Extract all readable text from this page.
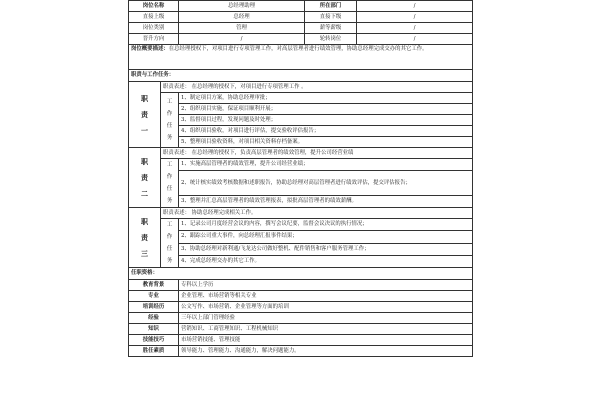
岗位名称		总经理助理	所在部门	/
直接上级		总经理	直接下级	/
岗位类别		管理	薪等薪级	/
晋升方向		/	轮转岗位	/
岗位概要描述：在总经理授权下，对项目进行专项管理工作，对高层管理者进行绩效管理，协助总经理完成交办的其它工作。				
职责与工作任务：				

职
责
一	职责表述： 在总经理的授权下，对项目进行专项管理工作 。			

	工
作
任
务	1、制定项目方案，协助总经理审批；		
		2、组织项目实施，保证项目顺利开展；		
		3、监督项目过程，发现问题及时处理；		
		4、组织项目验收，对项目进行评估，提交验收评估报告；		
		5、整理项目验收资料，对项目相关资料存档备案。		

职
责
二	职责表述： 在总经理的授权下，负责高层管理者的绩效管理，提升公司经营业绩			

	工
作
任
务	1、实施高层管理者的绩效管理，提升公司经营业绩；		
		2、统计核实绩效考核数据和述职报告，协助总经理对高层管理者进行绩效评估，提交评估报告；		
		3、整理并汇总高层管理者的绩效管理报表，拟批高层管理者的绩效薪酬。		

职
责
三	职责表述： 协助总经理完成相关工作。			

	工
作
任
务	1、记录公司月度经营会议的内容，撰写会议纪要，监督会议决议的执行情况；		
		2、跟踪公司重大事件，向总经理汇报事件结果；		
		3、协助总经理对新利通/飞龙达公司做好整机、配件销售和客户服务管理工作；		
		4、完成总经理交办的其它工作。		
任职资格：				
教育背景		专科以上学历		
专业		企业管理、市场营销等相关专业		
培训经历		公文写作、市场营销、企业管理等方面的培训		
经验		三年以上部门管理经验		
知识		营销知识、工商管理知识、工程机械知识		
技能技巧		市场营销技能、管理技能		
胜任素质		领导能力、管理能力、沟通能力，解决问题能力。		
